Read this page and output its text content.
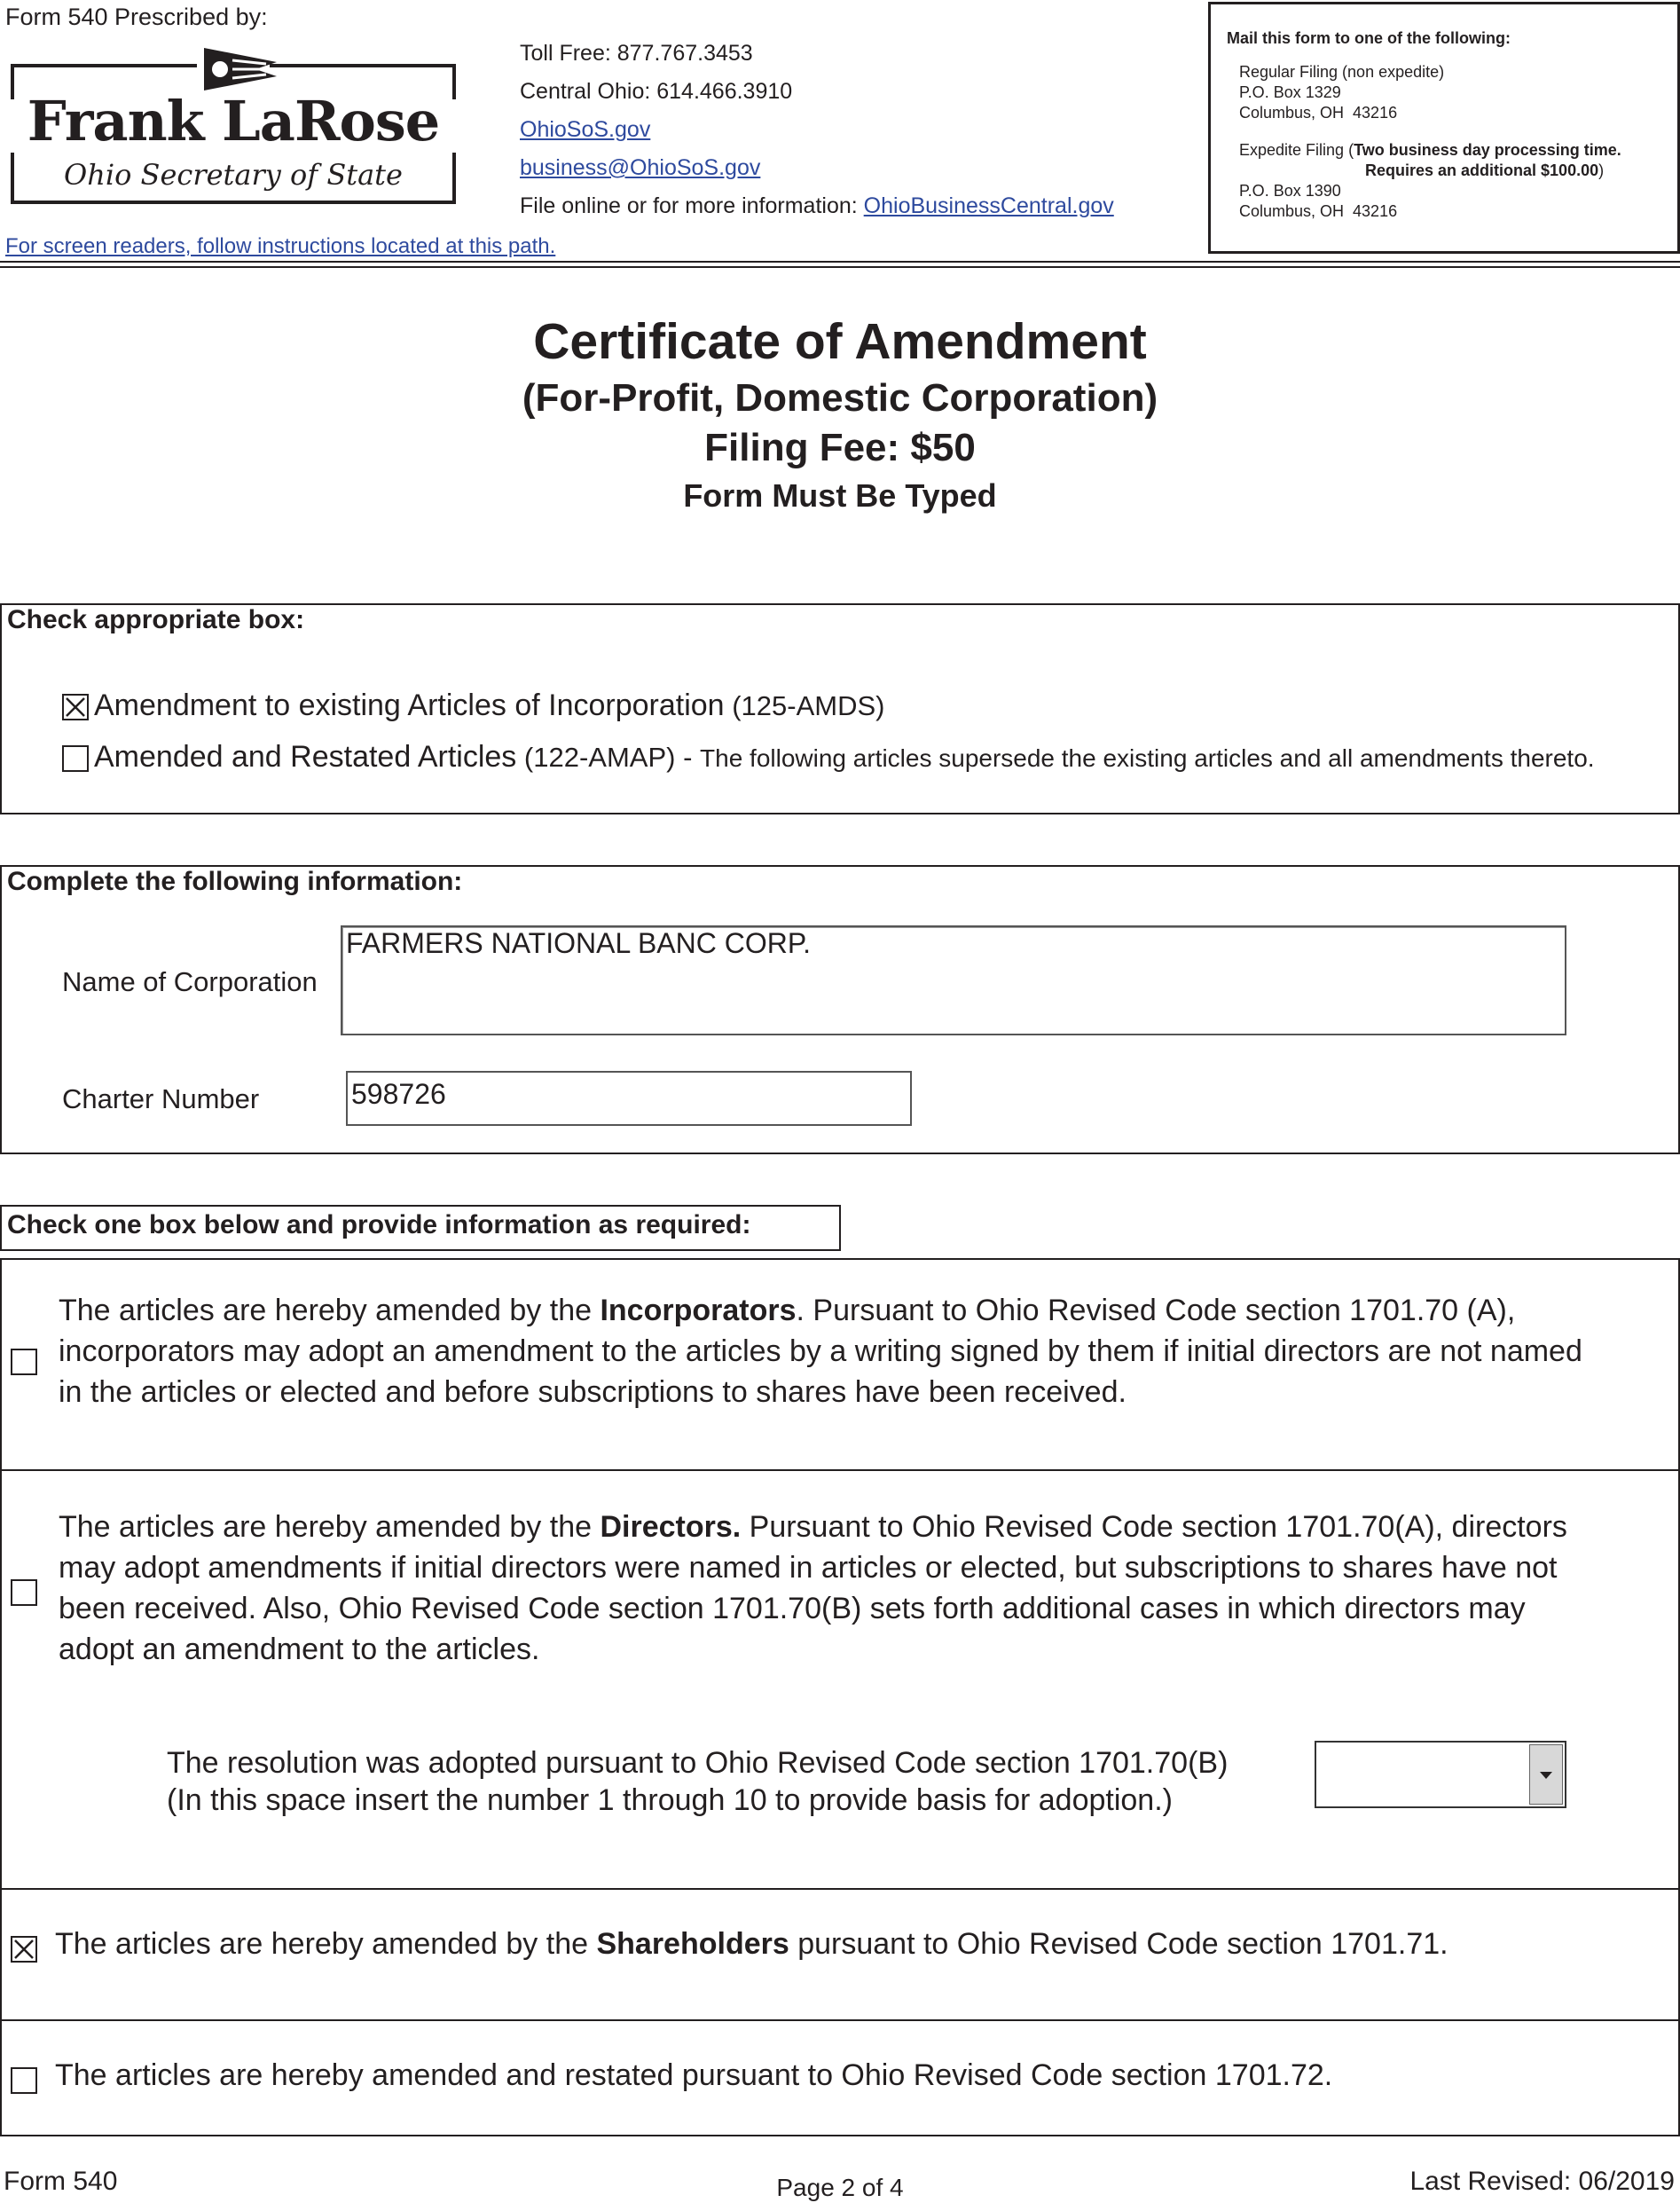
Form 540 Prescribed by:
Frank LaRose
Ohio Secretary of State
Toll Free: 877.767.3453
Central Ohio: 614.466.3910
OhioSoS.gov
business@OhioSoS.gov
File online or for more information: OhioBusinessCentral.gov
For screen readers, follow instructions located at this path.
Mail this form to one of the following:
Regular Filing (non expedite)
P.O. Box 1329
Columbus, OH  43216
Expedite Filing (Two business day processing time.
Requires an additional $100.00)
P.O. Box 1390
Columbus, OH  43216
Certificate of Amendment
(For-Profit, Domestic Corporation)
Filing Fee: $50
Form Must Be Typed
Check appropriate box:
Amendment to existing Articles of Incorporation (125-AMDS)
Amended and Restated Articles (122-AMAP) - The following articles supersede the existing articles and all amendments thereto.
Complete the following information:
Name of Corporation
FARMERS NATIONAL BANC CORP.
Charter Number	598726
Check one box below and provide information as required:
The articles are hereby amended by the Incorporators. Pursuant to Ohio Revised Code section 1701.70 (A), incorporators may adopt an amendment to the articles by a writing signed by them if initial directors are not named in the articles or elected and before subscriptions to shares have been received.
The articles are hereby amended by the Directors. Pursuant to Ohio Revised Code section 1701.70(A), directors may adopt amendments if initial directors were named in articles or elected, but subscriptions to shares have not been received. Also, Ohio Revised Code section 1701.70(B) sets forth additional cases in which directors may adopt an amendment to the articles.
The resolution was adopted pursuant to Ohio Revised Code section 1701.70(B)
(In this space insert the number 1 through 10 to provide basis for adoption.)
The articles are hereby amended by the Shareholders pursuant to Ohio Revised Code section 1701.71.
The articles are hereby amended and restated pursuant to Ohio Revised Code section 1701.72.
Form 540	Page 2 of 4	Last Revised: 06/2019
